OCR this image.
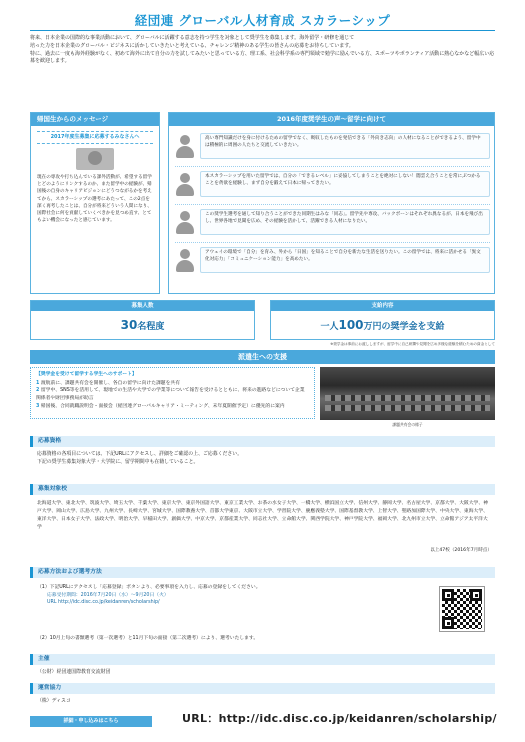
経団連 グローバル人材育成 スカラーシップ

将来、日本企業の国際的な事業活動において、グローバルに活躍する意志を持つ学生を対象として奨学生を募集します。海外留学・研修を通じて

培った力を日本企業のグローバル・ビジネスに活かしていきたいと考えている、チャレンジ精神のある学生の皆さんの応募をお待ちしています。

特に、過去に一度も海外経験がなく、初めて海外に出て自分の力を試してみたいと思っている方、理工系、社会科学系の専門領域で勉学に励んでいる方、スポーツやボランティア活動に熱心なかなど幅広い応募を歓迎します。

帰国生からのメッセージ
2017年度生募集に応募するみなさんへ
現在の専攻や打ち込んでいる課外活動が、希望する留学とどのようにリンクするのか、また留学中の経験が、帰国後の自身のキャリアビジョンにどうつながるかを考えてから、スカラーシップの選考にあたって、この2点を深く再考したことは、自分が将来どういう人間になり、国際社会に何を貢献していくべきかを見つめ直す、とてもよい機会になったと感じています。
2016年度奨学生の声～留学に向けて
高い専門知識だけを身に付けるための留学でなく、吸収したものを発信できる「外向き志向」の人材になることができるよう、留学中は積極的に周囲の人たちと交流していきたい。
本スカラーシップを用いた留学では、自分の「できるレベル」に妥協してしまうことを絶対にしない！闇雲え合うことを常にぶつかることを貪欲を経験し、まず自分を鍛えて日本に帰ってきたい。
この奨学生選考を通して知り合うことができた同期生はみな「同志」。留学先や専攻、バックボーンはそれぞれ異なるが、日本を飛び出し、世界各地で見聞を広め、その経験を活かして、活躍できる人材になりたい。
アウェイの環境で「自分」を育み、外から「日国」を知ることで自分を新たな生活を送りたい。この留学では、将来に活かせる「異文化対応力」「コミュニケーション能力」を高めたい。
募集人数
30名程度
支給内容
一人100万円の奨学金を支給
※奨学金は事前にお渡ししますが、留学中に自己研鑽や見聞を広め多様な経験を積むための資金として
派遣生への支援
【奨学金を受けて留学する学生へのサポート】
1 渡航前に、課題共有会を開催し、各自の留学に向けた課題を共有
2 留学中、SNS等を活用して、現地での生活や大学での学業等について報告を受けるとともに、将来の進路などについて企業関係者や財団事務局が助言
3 帰国後、合同就職説明会・面接会（経団連グローバルキャリア・ミーティング、末年夏開催予定）に優先的に案内
課題共有会の様子
応募資格
応募資格の各項目については、下記URLにアクセスし、詳細をご確認の上、ご応募ください。
下記の奨学生募集対象大学・大学院に、留学期間中も在籍していること。
募集対象校
北海道大学、東北大学、筑波大学、埼玉大学、千葉大学、東京大学、東京外国語大学、東京工業大学、お茶の水女子大学、一橋大学、横浜国立大学、信州大学、静岡大学、名古屋大学、京都大学、大阪大学、神戸大学、岡山大学、広島大学、九州大学、長崎大学、宮城大学、国際教養大学、首都大学東京、大阪市立大学、学習院大学、慶應義塾大学、国際基督教大学、上智大学、聖路加国際大学、中央大学、東海大学、東洋大学、日本女子大学、法政大学、明治大学、早稲田大学、創価大学、中京大学、京都産業大学、同志社大学、立命館大学、関西学院大学、神戸学院大学、福岡大学、北九州市立大学、立命館アジア太平洋大学
以上47校（2016年7月時点）
応募方法および選考方法
（1）下記URLにアクセスし「応募登録」ボタンより、必要事項を入力し、応募の登録をしてください。
応募受付期間：2016年7月20日（水）～9月20日（火）
URL http://idc.disc.co.jp/keidanren/scholarship/
（2）10月上旬の書類選考（第一次選考）と11月下旬の面接（第二次選考）により、選考いたします。
主催
（公財）経団連国際教育交流財団
運営協力
（株）ディスコ
詳細・申し込みはこちら	URL：http://idc.disc.co.jp/keidanren/scholarship/
